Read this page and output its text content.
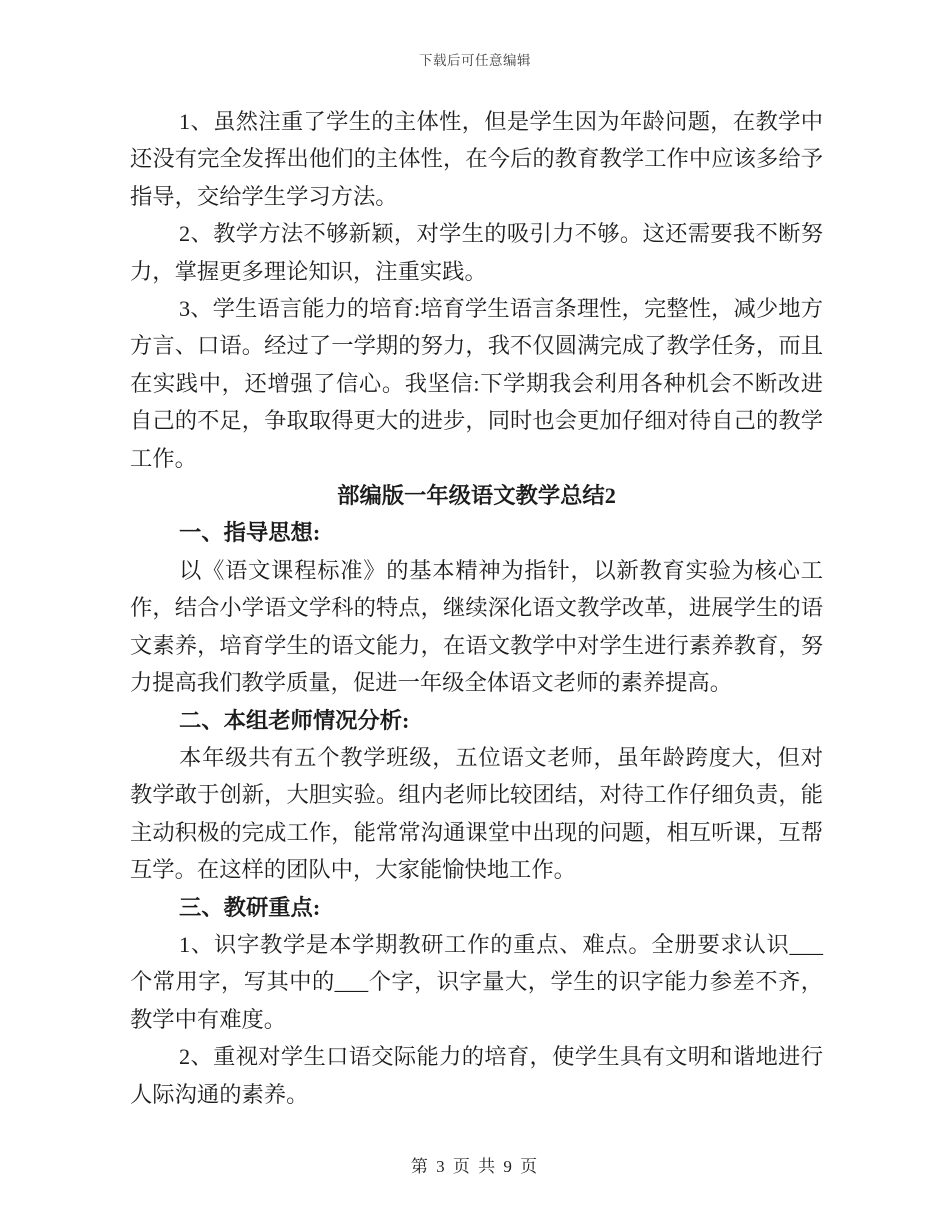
下载后可任意编辑
1、虽然注重了学生的主体性，但是学生因为年龄问题，在教学中还没有完全发挥出他们的主体性，在今后的教育教学工作中应该多给予指导，交给学生学习方法。
2、教学方法不够新颖，对学生的吸引力不够。这还需要我不断努力，掌握更多理论知识，注重实践。
3、学生语言能力的培育:培育学生语言条理性，完整性，减少地方方言、口语。经过了一学期的努力，我不仅圆满完成了教学任务，而且在实践中，还增强了信心。我坚信:下学期我会利用各种机会不断改进自己的不足，争取取得更大的进步，同时也会更加仔细对待自己的教学工作。
部编版一年级语文教学总结2
一、指导思想:
以《语文课程标准》的基本精神为指针，以新教育实验为核心工作，结合小学语文学科的特点，继续深化语文教学改革，进展学生的语文素养，培育学生的语文能力，在语文教学中对学生进行素养教育，努力提高我们教学质量，促进一年级全体语文老师的素养提高。
二、本组老师情况分析:
本年级共有五个教学班级，五位语文老师，虽年龄跨度大，但对教学敢于创新，大胆实验。组内老师比较团结，对待工作仔细负责，能主动积极的完成工作，能常常沟通课堂中出现的问题，相互听课，互帮互学。在这样的团队中，大家能愉快地工作。
三、教研重点:
1、识字教学是本学期教研工作的重点、难点。全册要求认识___个常用字，写其中的___个字，识字量大，学生的识字能力参差不齐，教学中有难度。
2、重视对学生口语交际能力的培育，使学生具有文明和谐地进行人际沟通的素养。
第 3 页 共 9 页
